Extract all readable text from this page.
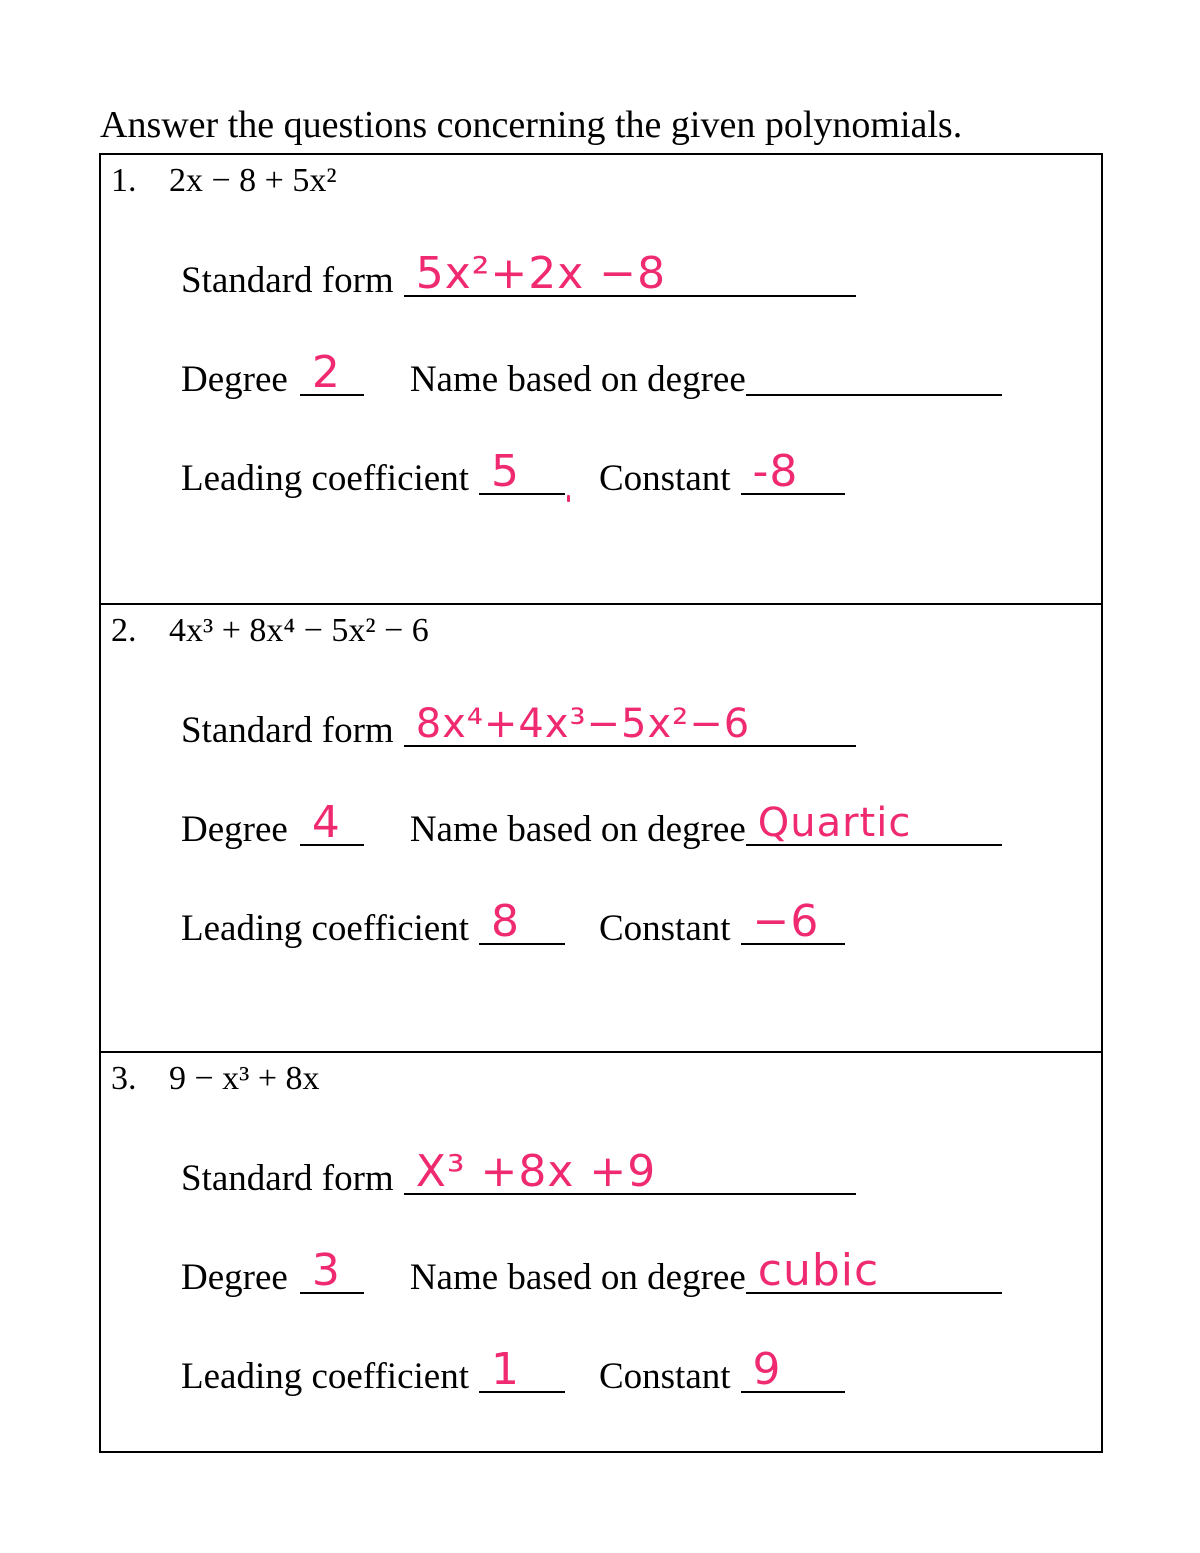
Answer the questions concerning the given polynomials.
1. 2x − 8 + 5x²
Standard form 5x²+2x −8
Degree 2 Name based on degree
Leading coefficient 5 Constant -8
2. 4x³ + 8x⁴ − 5x² − 6
Standard form 8x⁴+4x³−5x²−6
Degree 4 Name based on degree Quartic
Leading coefficient 8 Constant −6
3. 9 − x³ + 8x
Standard form X³ +8x +9
Degree 3 Name based on degree cubic
Leading coefficient 1 Constant 9
